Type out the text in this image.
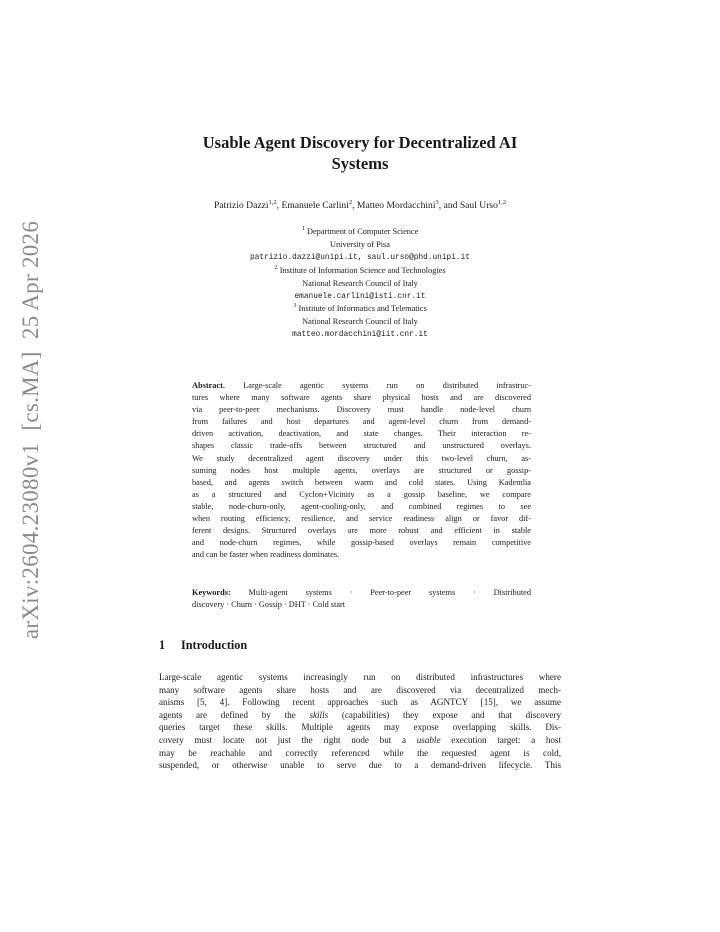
arXiv:2604.23080v1  [cs.MA]  25 Apr 2026
Usable Agent Discovery for Decentralized AI
Systems
Patrizio Dazzi$^{1,2}$, Emanuele Carlini$^2$, Matteo Mordacchini$^3$, and Saul Urso$^{1,2}$
$^1$ Department of Computer Science
University of Pisa
patrizio.dazzi@unipi.it, saul.urso@phd.unipi.it
$^2$ Institute of Information Science and Technologies
National Research Council of Italy
emanuele.carlini@isti.cnr.it
$^3$ Institute of Informatics and Telematics
National Research Council of Italy
matteo.mordacchini@iit.cnr.it
Abstract. Large-scale agentic systems run on distributed infrastruc-
tures where many software agents share physical hosts and are discovered
via peer-to-peer mechanisms. Discovery must handle node-level churn
from failures and host departures and agent-level churn from demand-
driven activation, deactivation, and state changes. Their interaction re-
shapes classic trade-offs between structured and unstructured overlays.
We study decentralized agent discovery under this two-level churn, as-
suming nodes host multiple agents, overlays are structured or gossip-
based, and agents switch between warm and cold states. Using Kademlia
as a structured and Cyclon+Vicinity as a gossip baseline, we compare
stable, node-churn-only, agent-cooling-only, and combined regimes to see
when routing efficiency, resilience, and service readiness align or favor dif-
ferent designs. Structured overlays are more robust and efficient in stable
and node-churn regimes, while gossip-based overlays remain competitive
and can be faster when readiness dominates.
Keywords: Multi-agent systems · Peer-to-peer systems · Distributed
discovery · Churn · Gossip · DHT · Cold start
1 Introduction
Large-scale agentic systems increasingly run on distributed infrastructures where
many software agents share hosts and are discovered via decentralized mech-
anisms [5, 4]. Following recent approaches such as AGNTCY [15], we assume
agents are defined by the skills (capabilities) they expose and that discovery
queries target these skills. Multiple agents may expose overlapping skills. Dis-
covery must locate not just the right node but a usable execution target: a host
may be reachable and correctly referenced while the requested agent is cold,
suspended, or otherwise unable to serve due to a demand-driven lifecycle. This
